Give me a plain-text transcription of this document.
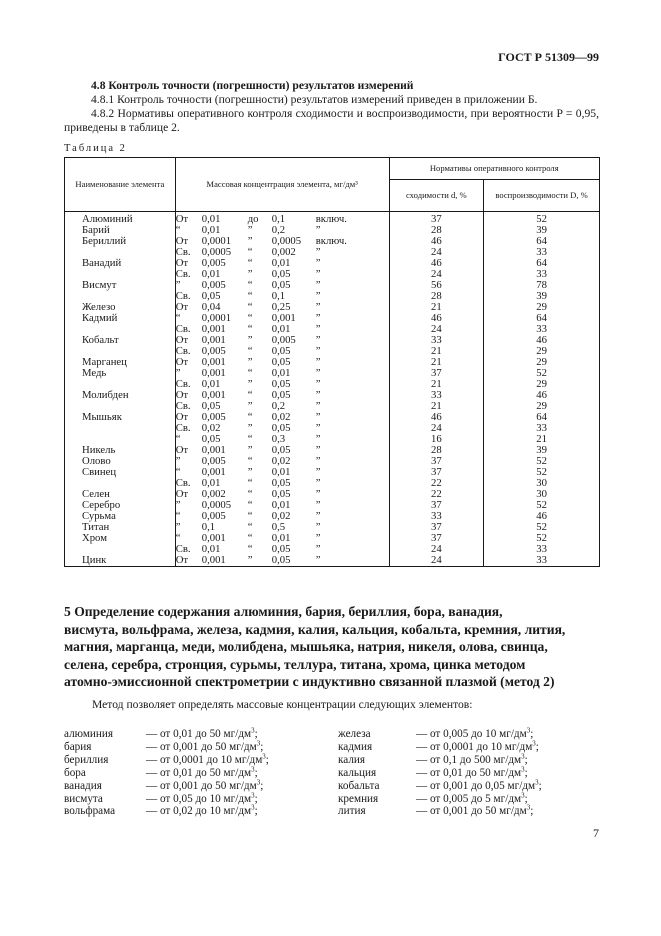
ГОСТ Р 51309—99
4.8 Контроль точности (погрешности) результатов измерений
4.8.1 Контроль точности (погрешности) результатов измерений приведен в приложении Б.
4.8.2 Нормативы оперативного контроля сходимости и воспроизводимости, при вероятности P = 0,95, приведены в таблице 2.
Таблица 2
Наименование элемента	Массовая концентрация элемента, мг/дм³	Нормативы оперативного контроля	
		сходимости d, %	воспроизводимости D, %
Алюминий	От 0,01 до 0,1 включ.	37	52
Барий	“ 0,01 ” 0,2 ”	28	39
Бериллий	От 0,0001 ” 0,0005 включ.	46	64
	Св. 0,0005 “ 0,002 ”	24	33
Ванадий	От 0,005 “ 0,01 ”	46	64
	Св. 0,01 ” 0,05 ”	24	33
Висмут	” 0,005 “ 0,05 ”	56	78
	Св. 0,05 “ 0,1 ”	28	39
Железо	От 0,04 “ 0,25 ”	21	29
Кадмий	“ 0,0001 “ 0,001 ”	46	64
	Св. 0,001 “ 0,01 ”	24	33
Кобальт	От 0,001 ” 0,005 ”	33	46
	Св. 0,005 “ 0,05 ”	21	29
Марганец	От 0,001 ” 0,05 ”	21	29
Медь	” 0,001 “ 0,01 ”	37	52
	Св. 0,01 ” 0,05 ”	21	29
Молибден	От 0,001 “ 0,05 ”	33	46
	Св. 0,05 ” 0,2 ”	21	29
Мышьяк	От 0,005 “ 0,02 ”	46	64
	Св. 0,02 ” 0,05 ”	24	33
	“ 0,05 “ 0,3 ”	16	21
Никель	От 0,001 ” 0,05 ”	28	39
Олово	” 0,005 “ 0,02 ”	37	52
Свинец	“ 0,001 ” 0,01 ”	37	52
	Св. 0,01 “ 0,05 ”	22	30
Селен	От 0,002 “ 0,05 ”	22	30
Серебро	” 0,0005 “ 0,01 ”	37	52
Сурьма	“ 0,005 “ 0,02 ”	33	46
Титан	” 0,1 “ 0,5 ”	37	52
Хром	“ 0,001 “ 0,01 ”	37	52
	Св. 0,01 “ 0,05 ”	24	33
Цинк	От 0,001 ” 0,05 ”	24	33
5 Определение содержания алюминия, бария, бериллия, бора, ванадия,
висмута, вольфрама, железа, кадмия, калия, кальция, кобальта, кремния, лития,
магния, марганца, меди, молибдена, мышьяка, натрия, никеля, олова, свинца,
селена, серебра, стронция, сурьмы, теллура, титана, хрома, цинка методом
атомно-эмиссионной спектрометрии с индуктивно связанной плазмой (метод 2)
Метод позволяет определять массовые концентрации следующих элементов:
алюминия	— от 0,01 до 50 $мг/дм^3$;
бария	— от 0,001 до 50 $мг/дм^3$;
бериллия	— от 0,0001 до 10 $мг/дм^3$;
бора	— от 0,01 до 50 $мг/дм^3$;
ванадия	— от 0,001 до 50 $мг/дм^3$;
висмута	— от 0,05 до 10 $мг/дм^3$;
вольфрама	— от 0,02 до 10 $мг/дм^3$;
железа	— от 0,005 до 10 $мг/дм^3$;
кадмия	— от 0,0001 до 10 $мг/дм^3$;
калия	— от 0,1 до 500 $мг/дм^3$;
кальция	— от 0,01 до 50 $мг/дм^3$;
кобальта	— от 0,001 до 0,05 $мг/дм^3$;
кремния	— от 0,005 до 5 $мг/дм^3$;
лития	— от 0,001 до 50 $мг/дм^3$;
7
